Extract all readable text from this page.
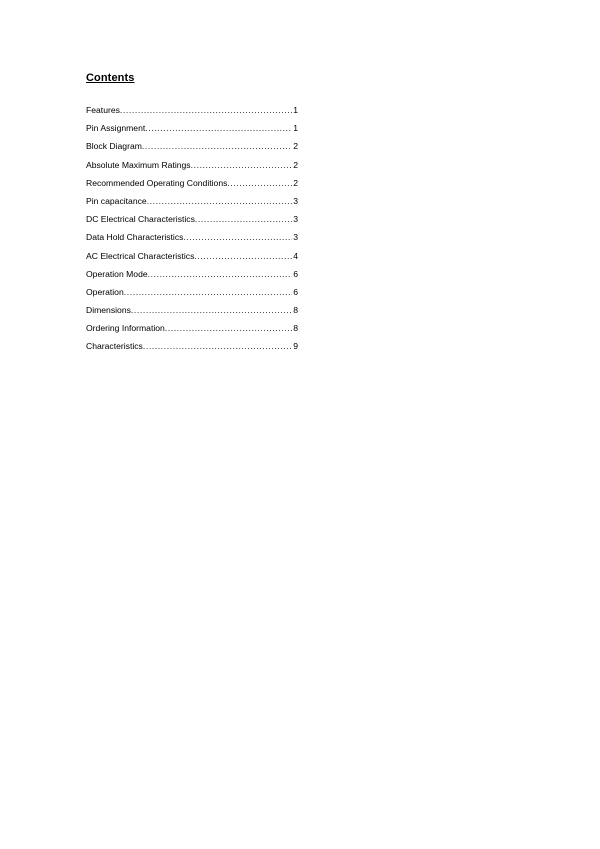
Contents
Features .....	1
Pin Assignment .....	1
Block Diagram .....	2
Absolute Maximum Ratings .....	2
Recommended Operating Conditions .....	2
Pin capacitance .....	3
DC Electrical Characteristics .....	3
Data Hold Characteristics .....	3
AC Electrical Characteristics .....	4
Operation Mode .....	6
Operation .....	6
Dimensions .....	8
Ordering Information .....	8
Characteristics .....	9
